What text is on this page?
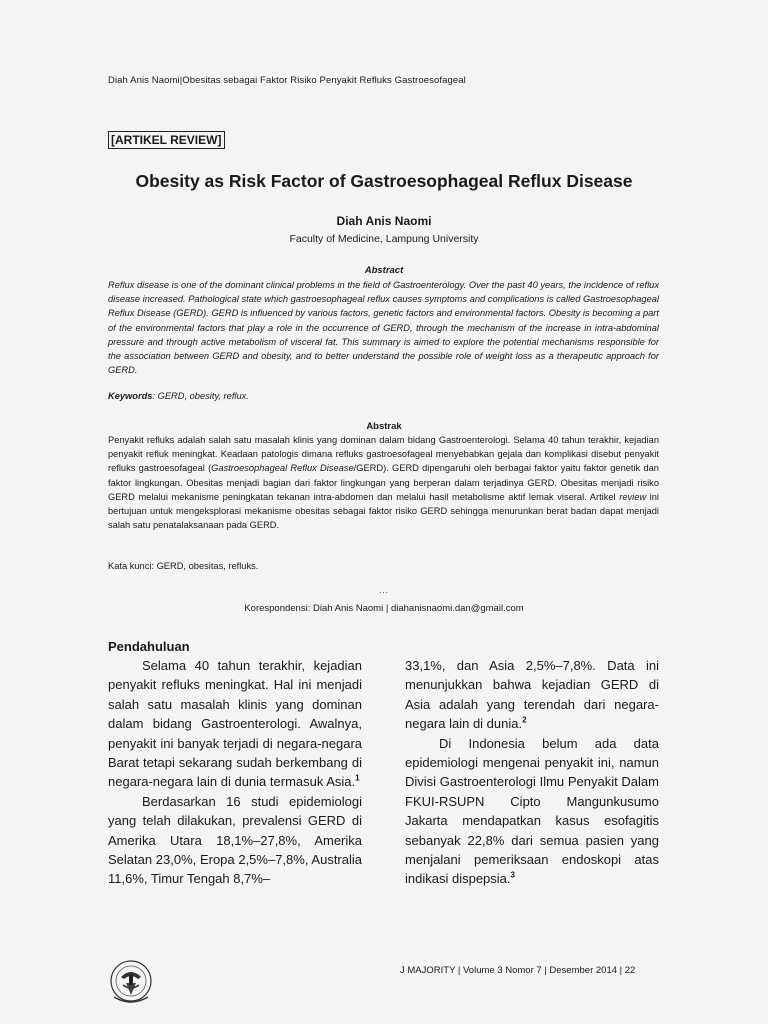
Diah Anis Naomi|Obesitas sebagai Faktor Risiko Penyakit Refluks Gastroesofageal
[ARTIKEL REVIEW]
Obesity as Risk Factor of Gastroesophageal Reflux Disease
Diah Anis Naomi
Faculty of Medicine, Lampung University
Abstract
Reflux disease is one of the dominant clinical problems in the field of Gastroenterology. Over the past 40 years, the incidence of reflux disease increased. Pathological state which gastroesophageal reflux causes symptoms and complications is called Gastroesophageal Reflux Disease (GERD). GERD is influenced by various factors, genetic factors and environmental factors. Obesity is becoming a part of the environmental factors that play a role in the occurrence of GERD, through the mechanism of the increase in intra-abdominal pressure and through active metabolism of visceral fat. This summary is aimed to explore the potential mechanisms responsible for the association between GERD and obesity, and to better understand the possible role of weight loss as a therapeutic approach for GERD.
Keywords: GERD, obesity, reflux.
Abstrak
Penyakit refluks adalah salah satu masalah klinis yang dominan dalam bidang Gastroenterologi. Selama 40 tahun terakhir, kejadian penyakit refluk meningkat. Keadaan patologis dimana refluks gastroesofageal menyebabkan gejala dan komplikasi disebut penyakit refluks gastroesofageal (Gastroesophageal Reflux Disease/GERD). GERD dipengaruhi oleh berbagai faktor yaitu faktor genetik dan faktor lingkungan. Obesitas menjadi bagian dari faktor lingkungan yang berperan dalam terjadinya GERD. Obesitas menjadi risiko GERD melalui mekanisme peningkatan tekanan intra-abdomen dan melalui hasil metabolisme aktif lemak viseral. Artikel review ini bertujuan untuk mengeksplorasi mekanisme obesitas sebagai faktor risiko GERD sehingga menurunkan berat badan dapat menjadi salah satu penatalaksanaan pada GERD.
Kata kunci: GERD, obesitas, refluks.
...
Korespondensi: Diah Anis Naomi | diahanisnaomi.dan@gmail.com
Pendahuluan

Selama 40 tahun terakhir, kejadian penyakit refluks meningkat. Hal ini menjadi salah satu masalah klinis yang dominan dalam bidang Gastroenterologi. Awalnya, penyakit ini banyak terjadi di negara-negara Barat tetapi sekarang sudah berkembang di negara-negara lain di dunia termasuk Asia.$^1$

Berdasarkan 16 studi epidemiologi yang telah dilakukan, prevalensi GERD di Amerika Utara 18,1%–27,8%, Amerika Selatan 23,0%, Eropa 2,5%–7,8%, Australia 11,6%, Timur Tengah 8,7%–

33,1%, dan Asia 2,5%–7,8%. Data ini menunjukkan bahwa kejadian GERD di Asia adalah yang terendah dari negara-negara lain di dunia.$^2$

Di Indonesia belum ada data epidemiologi mengenai penyakit ini, namun Divisi Gastroenterologi Ilmu Penyakit Dalam FKUI-RSUPN Cipto Mangunkusumo Jakarta mendapatkan kasus esofagitis sebanyak 22,8% dari semua pasien yang menjalani pemeriksaan endoskopi atas indikasi dispepsia.$^3$

J MAJORITY | Volume 3 Nomor 7 | Desember 2014 | 22
